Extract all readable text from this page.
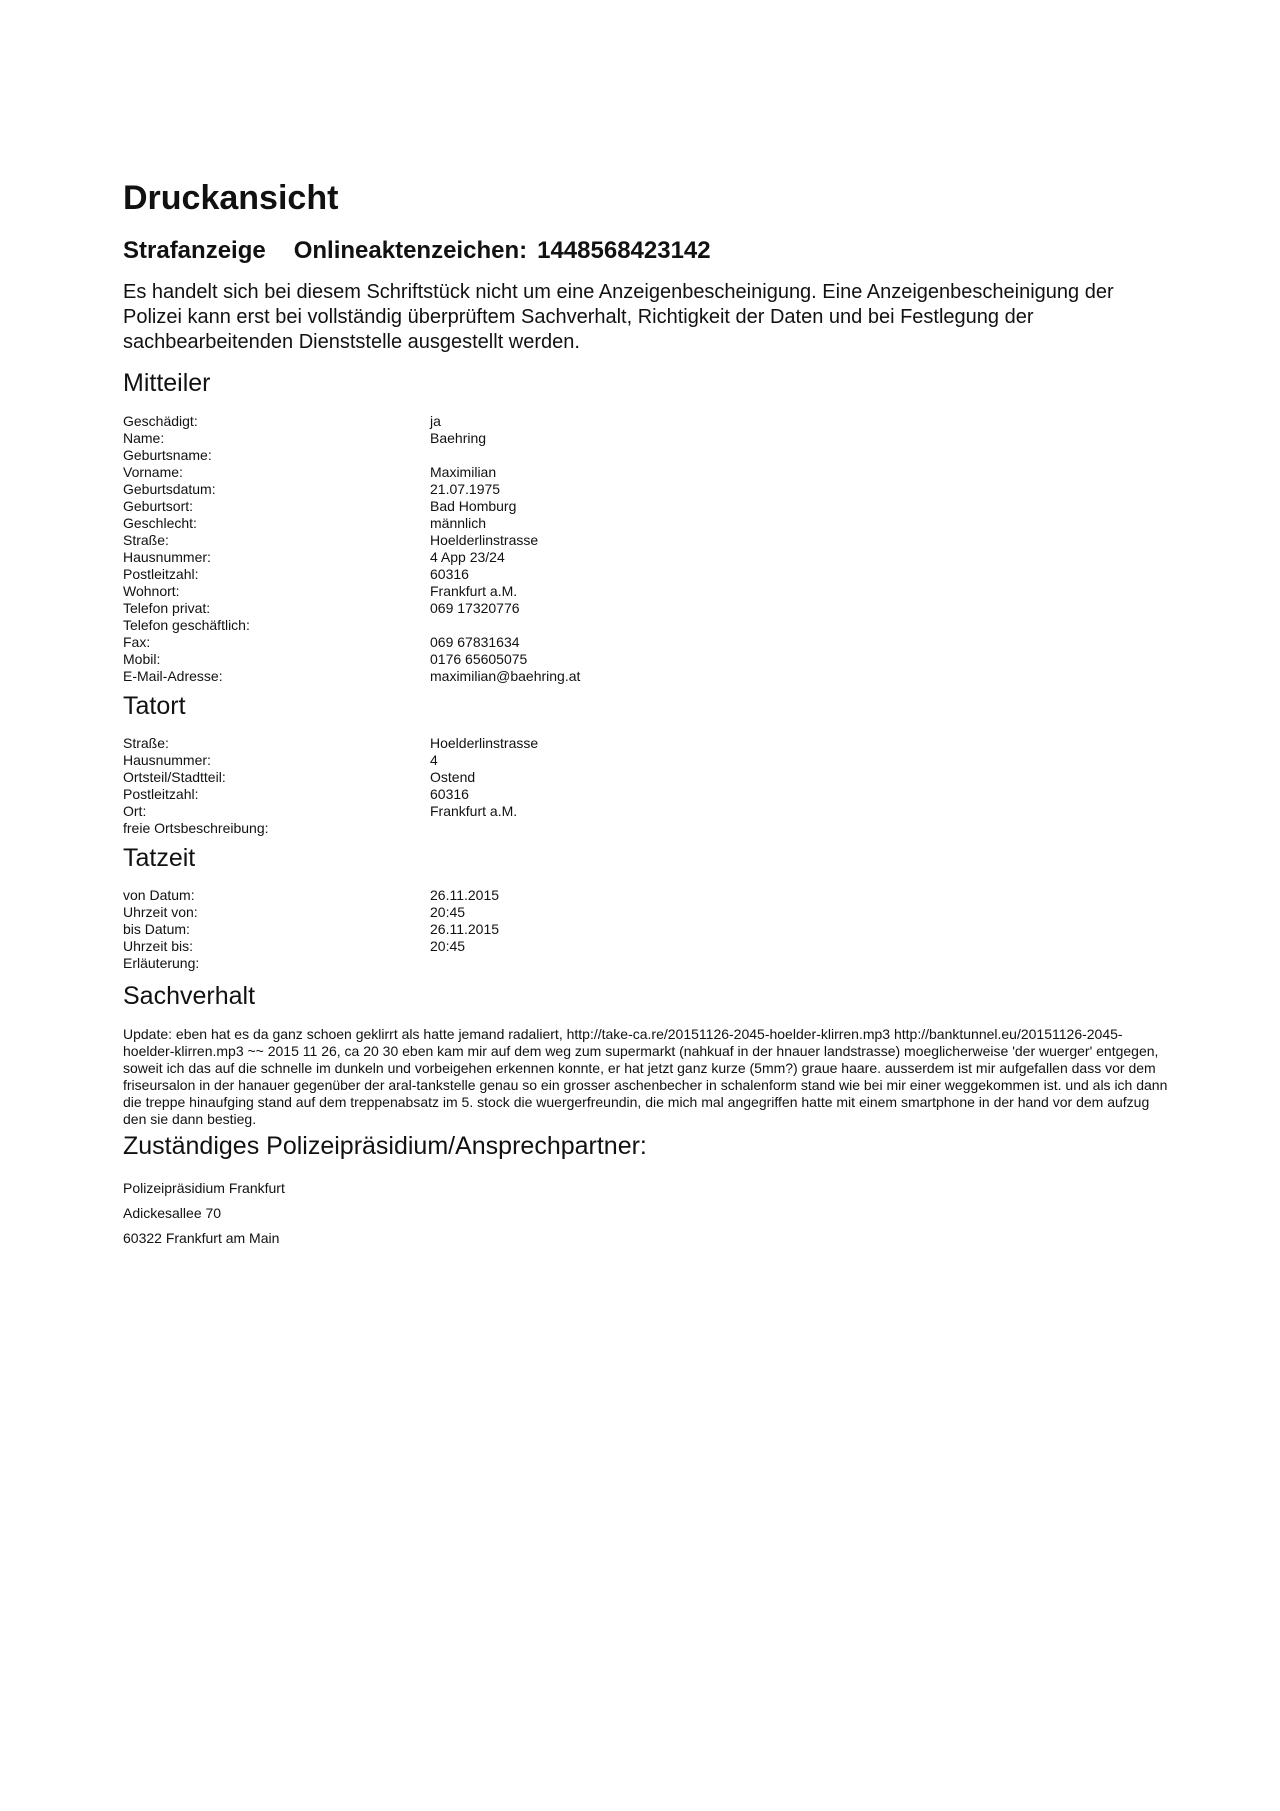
Druckansicht
Strafanzeige Onlineaktenzeichen: 1448568423142

Es handelt sich bei diesem Schriftstück nicht um eine Anzeigenbescheinigung. Eine Anzeigenbescheinigung der Polizei kann erst bei vollständig überprüftem Sachverhalt, Richtigkeit der Daten und bei Festlegung der sachbearbeitenden Dienststelle ausgestellt werden.

Mitteiler
Geschädigt:	ja
Name:	Baehring
Geburtsname:
Vorname:	Maximilian
Geburtsdatum:	21.07.1975
Geburtsort:	Bad Homburg
Geschlecht:	männlich
Straße:	Hoelderlinstrasse
Hausnummer:	4 App 23/24
Postleitzahl:	60316
Wohnort:	Frankfurt a.M.
Telefon privat:	069 17320776
Telefon geschäftlich:
Fax:	069 67831634
Mobil:	0176 65605075
E-Mail-Adresse:	maximilian@baehring.at
Tatort
Straße:	Hoelderlinstrasse
Hausnummer:	4
Ortsteil/Stadtteil:	Ostend
Postleitzahl:	60316
Ort:	Frankfurt a.M.
freie Ortsbeschreibung:
Tatzeit
von Datum:	26.11.2015
Uhrzeit von:	20:45
bis Datum:	26.11.2015
Uhrzeit bis:	20:45
Erläuterung:
Sachverhalt

Update: eben hat es da ganz schoen geklirrt als hatte jemand radaliert, http://take-ca.re/20151126-2045-hoelder-klirren.mp3 http://banktunnel.eu/20151126-2045-hoelder-klirren.mp3 ~~ 2015 11 26, ca 20 30 eben kam mir auf dem weg zum supermarkt (nahkuaf in der hnauer landstrasse) moeglicherweise 'der wuerger' entgegen, soweit ich das auf die schnelle im dunkeln und vorbeigehen erkennen konnte, er hat jetzt ganz kurze (5mm?) graue haare. ausserdem ist mir aufgefallen dass vor dem friseursalon in der hanauer gegenüber der aral-tankstelle genau so ein grosser aschenbecher in schalenform stand wie bei mir einer weggekommen ist. und als ich dann die treppe hinaufging stand auf dem treppenabsatz im 5. stock die wuergerfreundin, die mich mal angegriffen hatte mit einem smartphone in der hand vor dem aufzug den sie dann bestieg.

Zuständiges Polizeipräsidium/Ansprechpartner:
Polizeipräsidium Frankfurt
Adickesallee 70
60322 Frankfurt am Main
